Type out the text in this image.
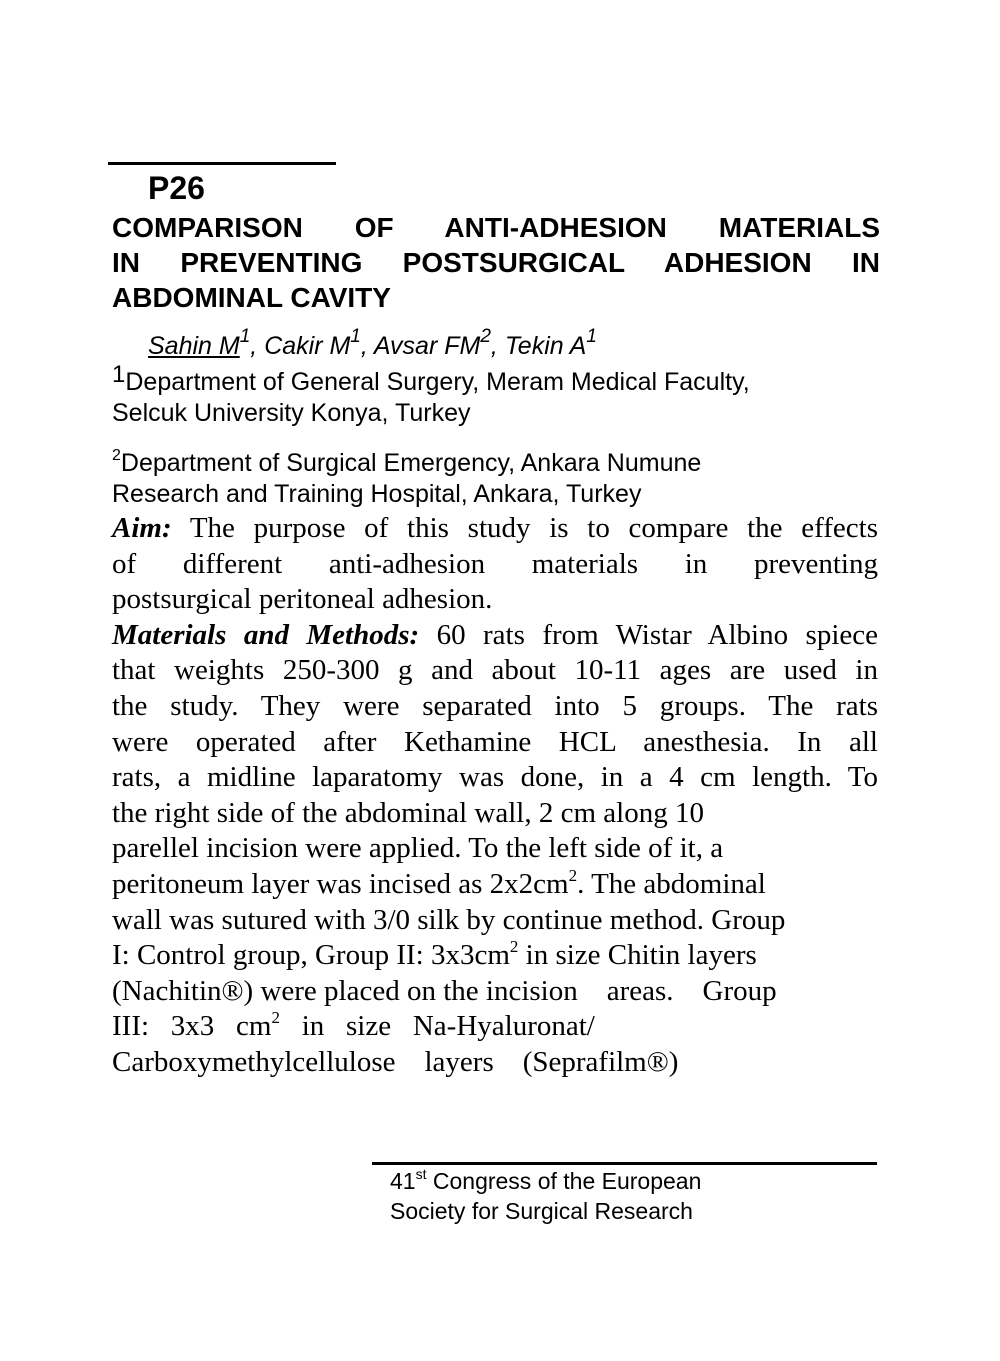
P26
COMPARISON OF ANTI-ADHESION MATERIALS
IN PREVENTING POSTSURGICAL ADHESION IN
ABDOMINAL CAVITY
Sahin $M^1$, Cakir $M^1$, Avsar $FM^2$, Tekin $A^1$
1Department of General Surgery, Meram Medical Faculty,
Selcuk University Konya, Turkey
$^2$Department of Surgical Emergency, Ankara Numune
Research and Training Hospital, Ankara, Turkey
Aim: The purpose of this study is to compare the effects
of different anti-adhesion materials in preventing
postsurgical peritoneal adhesion.
Materials and Methods: 60 rats from Wistar Albino spiece
that weights 250-300 g and about 10-11 ages are used in
the study. They were separated into 5 groups. The rats
were operated after Kethamine HCL anesthesia. In all
rats, a midline laparatomy was done, in a 4 cm length. To
the right side of the abdominal wall, 2 cm along 10
parellel incision were applied. To the left side of it, a
peritoneum layer was incised as $2x2cm^2$. The abdominal
wall was sutured with 3/0 silk by continue method. Group
I: Control group, Group II: $3x3cm^2$ in size Chitin layers
(Nachitin®) were placed on the incision    areas.    Group
III:   3x3   $cm^2$   in   size   Na-Hyaluronat/
Carboxymethylcellulose    layers    (Seprafilm®)
41st Congress of the European
Society for Surgical Research
